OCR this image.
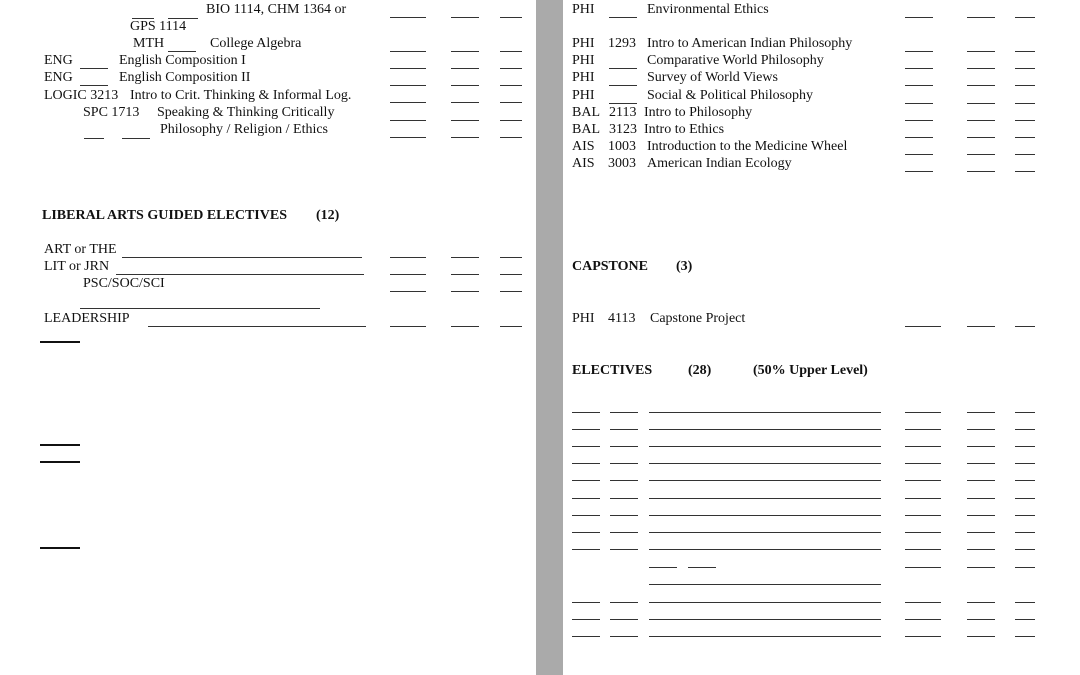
BIO 1114, CHM 1364 or
GPS 1114
MTH	College Algebra
ENG	English Composition I
ENG	English Composition II
LOGIC 3213 Intro to Crit. Thinking & Informal Log.
SPC 1713 Speaking & Thinking Critically
Philosophy / Religion / Ethics
LIBERAL ARTS GUIDED ELECTIVES (12)
ART or THE
LIT or JRN
PSC/SOC/SCI
LEADERSHIP
PHI	Environmental Ethics
PHI 1293 Intro to American Indian Philosophy
PHI	Comparative World Philosophy
PHI	Survey of World Views
PHI	Social & Political Philosophy
BAL 2113 Intro to Philosophy
BAL 3123 Intro to Ethics
AIS 1003 Introduction to the Medicine Wheel
AIS 3003 American Indian Ecology
CAPSTONE (3)
PHI 4113 Capstone Project
ELECTIVES	(28)	(50% Upper Level)
